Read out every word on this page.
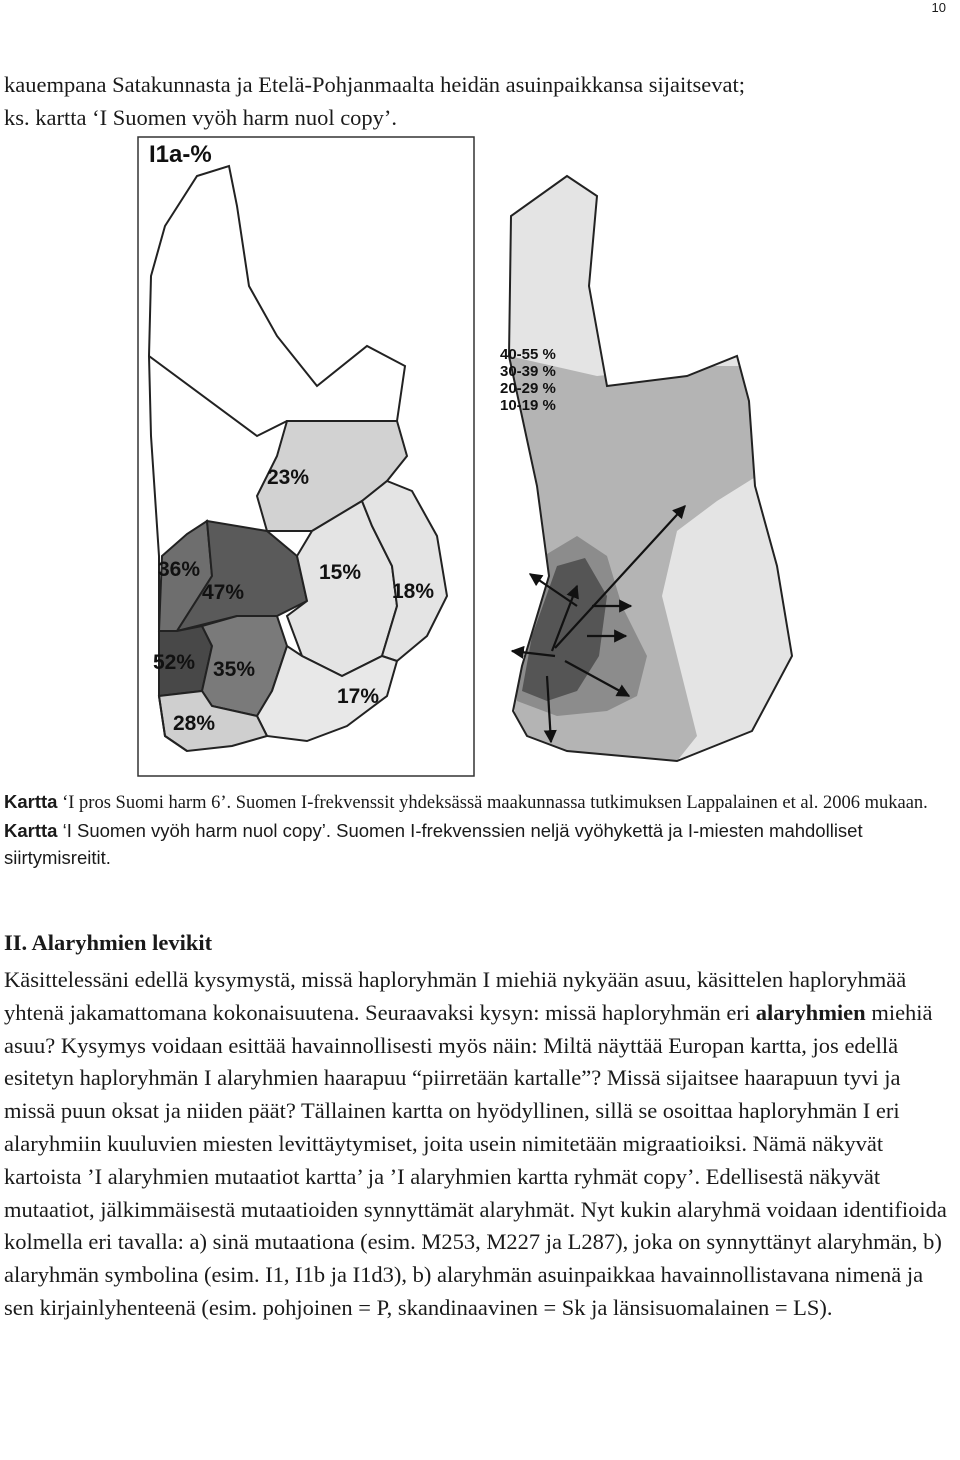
10

kauempana Satakunnasta ja Etelä-Pohjanmaalta heidän asuinpaikkansa sijaitsevat;
ks. kartta ‘I Suomen vyöh harm nuol copy’.

I1a-%
23%
36%
47%
15%
18%
52% 35%
17%
28%
40-55 %
30-39 %
20-29 %
10-19 %

Kartta ‘I pros Suomi harm 6’. Suomen I-frekvenssit yhdeksässä maakunnassa tutkimuksen Lappalainen et al. 2006 mukaan.

Kartta ‘I Suomen vyöh harm nuol copy’. Suomen I-frekvenssien neljä vyöhykettä ja I-miesten mahdolliset siirtymisreitit.

II. Alaryhmien levikit

Käsittelessäni edellä kysymystä, missä haploryhmän I miehiä nykyään asuu, käsittelen haploryhmää yhtenä jakamattomana kokonaisuutena. Seuraavaksi kysyn: missä haploryhmän eri alaryhmien miehiä asuu? Kysymys voidaan esittää havainnollisesti myös näin: Miltä näyttää Europan kartta, jos edellä esitetyn haploryhmän I alaryhmien haarapuu “piirretään kartalle”? Missä sijaitsee haarapuun tyvi ja missä puun oksat ja niiden päät? Tällainen kartta on hyödyllinen, sillä se osoittaa haploryhmän I eri alaryhmiin kuuluvien miesten levittäytymiset, joita usein nimitetään migraatioiksi. Nämä näkyvät kartoista ’I alaryhmien mutaatiot kartta’ ja ’I alaryhmien kartta ryhmät copy’. Edellisestä näkyvät mutaatiot, jälkimmäisestä mutaatioiden synnyttämät alaryhmät. Nyt kukin alaryhmä voidaan identifioida kolmella eri tavalla: a) sinä mutaationa (esim. M253, M227 ja L287), joka on synnyttänyt alaryhmän, b) alaryhmän symbolina (esim. I1, I1b ja I1d3), b) alaryhmän asuinpaikkaa havainnollistavana nimenä ja sen kirjainlyhenteenä (esim. pohjoinen = P, skandinaavinen = Sk ja länsisuomalainen = LS).
